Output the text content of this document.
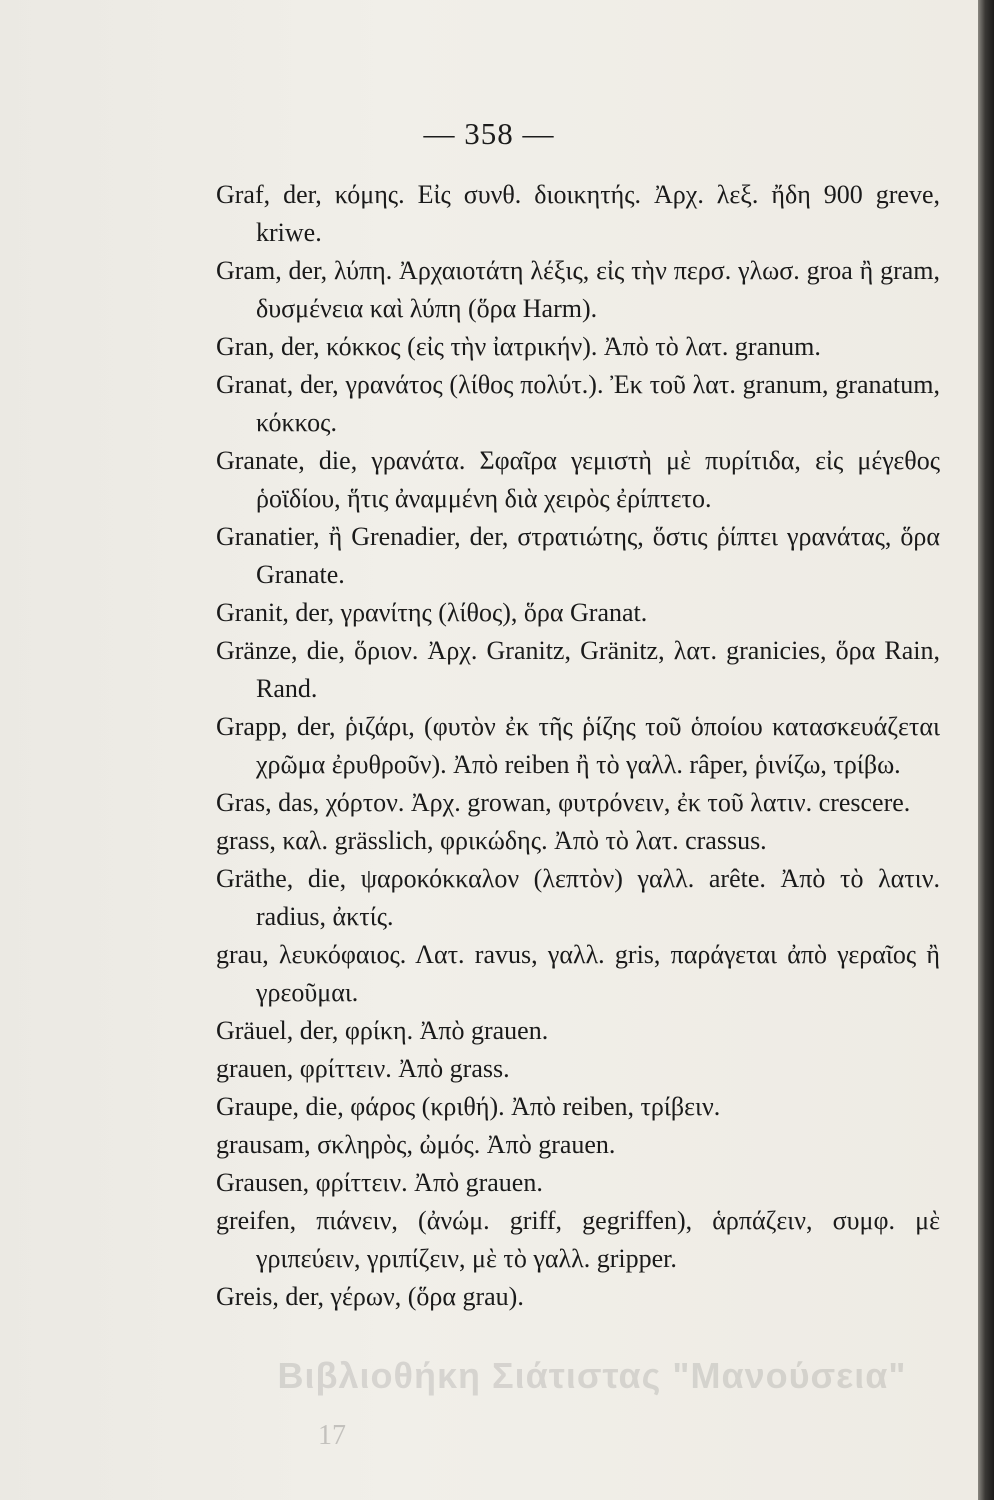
— 358 —
Graf, der, κόμης. Εἰς συνθ. διοικητής. Ἀρχ. λεξ. ἤδη 900 greve, kriwe.
Gram, der, λύπη. Ἀρχαιοτάτη λέξις, εἰς τὴν περσ. γλωσ. groa ἢ gram, δυσμένεια καὶ λύπη (ὅρα Harm).
Gran, der, κόκκος (εἰς τὴν ἰατρικήν). Ἀπὸ τὸ λατ. granum.
Granat, der, γρανάτος (λίθος πολύτ.). Ἐκ τοῦ λατ. granum, granatum, κόκκος.
Granate, die, γρανάτα. Σφαῖρα γεμιστὴ μὲ πυρίτιδα, εἰς μέγεθος ῥοϊδίου, ἥτις ἀναμμένη διὰ χειρὸς ἐρίπτετο.
Granatier, ἢ Grenadier, der, στρατιώτης, ὅστις ῥίπτει γρανάτας, ὅρα Granate.
Granit, der, γρανίτης (λίθος), ὅρα Granat.
Gränze, die, ὅριον. Ἀρχ. Granitz, Gränitz, λατ. granicies, ὅρα Rain, Rand.
Grapp, der, ῥιζάρι, (φυτὸν ἐκ τῆς ῥίζης τοῦ ὁποίου κατασκευάζεται χρῶμα ἐρυθροῦν). Ἀπὸ reiben ἢ τὸ γαλλ. râper, ῥινίζω, τρίβω.
Gras, das, χόρτον. Ἀρχ. growan, φυτρόνειν, ἐκ τοῦ λατιν. crescere.
grass, καλ. grässlich, φρικώδης. Ἀπὸ τὸ λατ. crassus.
Gräthe, die, ψαροκόκκαλον (λεπτὸν) γαλλ. arête. Ἀπὸ τὸ λατιν. radius, ἀκτίς.
grau, λευκόφαιος. Λατ. ravus, γαλλ. gris, παράγεται ἀπὸ γεραῖος ἢ γρεοῦμαι.
Gräuel, der, φρίκη. Ἀπὸ grauen.
grauen, φρίττειν. Ἀπὸ grass.
Graupe, die, φάρος (κριθή). Ἀπὸ reiben, τρίβειν.
grausam, σκληρὸς, ὠμός. Ἀπὸ grauen.
Grausen, φρίττειν. Ἀπὸ grauen.
greifen, πιάνειν, (ἀνώμ. griff, gegriffen), ἁρπάζειν, συμφ. μὲ γριπεύειν, γριπίζειν, μὲ τὸ γαλλ. gripper.
Greis, der, γέρων, (ὅρα grau).
Βιβλιοθήκη Σιάτιστας "Μανούσεια"
17
